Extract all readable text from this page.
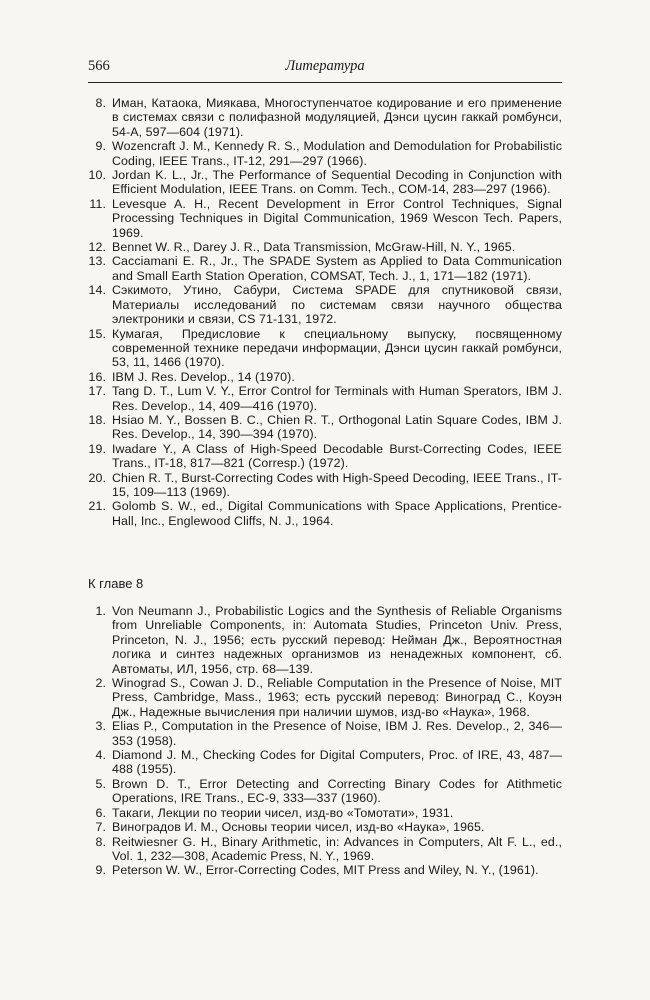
566	Литература
8. Иман, Катаока, Миякава, Многоступенчатое кодирование и его применение в системах связи с полифазной модуляцией, Дэнси цусин гаккай ромбунси, 54-А, 597—604 (1971).
9. Wozencraft J. M., Kennedy R. S., Modulation and Demodulation for Probabilistic Coding, IEEE Trans., IT-12, 291—297 (1966).
10. Jordan K. L., Jr., The Performance of Sequential Decoding in Conjunction with Efficient Modulation, IEEE Trans. on Comm. Tech., COM-14, 283—297 (1966).
11. Levesque A. H., Recent Development in Error Control Techniques, Signal Processing Techniques in Digital Communication, 1969 Wescon Tech. Papers, 1969.
12. Bennet W. R., Darey J. R., Data Transmission, McGraw-Hill, N. Y., 1965.
13. Cacciamani E. R., Jr., The SPADE System as Applied to Data Communication and Small Earth Station Operation, COMSAT, Tech. J., 1, 171—182 (1971).
14. Сэкимото, Утино, Сабури, Система SPADE для спутниковой связи, Материалы исследований по системам связи научного общества электроники и связи, CS 71-131, 1972.
15. Кумагая, Предисловие к специальному выпуску, посвященному современной технике передачи информации, Дэнси цусин гаккай ромбунси, 53, 11, 1466 (1970).
16. IBM J. Res. Develop., 14 (1970).
17. Tang D. T., Lum V. Y., Error Control for Terminals with Human Sperators, IBM J. Res. Develop., 14, 409—416 (1970).
18. Hsiao M. Y., Bossen B. C., Chien R. T., Orthogonal Latin Square Codes, IBM J. Res. Develop., 14, 390—394 (1970).
19. Iwadare Y., A Class of High-Speed Decodable Burst-Correcting Codes, IEEE Trans., IT-18, 817—821 (Corresp.) (1972).
20. Chien R. T., Burst-Correcting Codes with High-Speed Decoding, IEEE Trans., IT-15, 109—113 (1969).
21. Golomb S. W., ed., Digital Communications with Space Applications, Prentice-Hall, Inc., Englewood Cliffs, N. J., 1964.
К главе 8
1. Von Neumann J., Probabilistic Logics and the Synthesis of Reliable Organisms from Unreliable Components, in: Automata Studies, Princeton Univ. Press, Princeton, N. J., 1956; есть русский перевод: Нейман Дж., Вероятностная логика и синтез надежных организмов из ненадежных компонент, сб. Автоматы, ИЛ, 1956, стр. 68—139.
2. Winograd S., Cowan J. D., Reliable Computation in the Presence of Noise, MIT Press, Cambridge, Mass., 1963; есть русский перевод: Виноград С., Коуэн Дж., Надежные вычисления при наличии шумов, изд-во «Наука», 1968.
3. Elias P., Computation in the Presence of Noise, IBM J. Res. Develop., 2, 346—353 (1958).
4. Diamond J. M., Checking Codes for Digital Computers, Proc. of IRE, 43, 487—488 (1955).
5. Brown D. T., Error Detecting and Correcting Binary Codes for Atithmetic Operations, IRE Trans., EC-9, 333—337 (1960).
6. Такаги, Лекции по теории чисел, изд-во «Томотати», 1931.
7. Виноградов И. М., Основы теории чисел, изд-во «Наука», 1965.
8. Reitwiesner G. H., Binary Arithmetic, in: Advances in Computers, Alt F. L., ed., Vol. 1, 232—308, Academic Press, N. Y., 1969.
9. Peterson W. W., Error-Correcting Codes, MIT Press and Wiley, N. Y., (1961).
